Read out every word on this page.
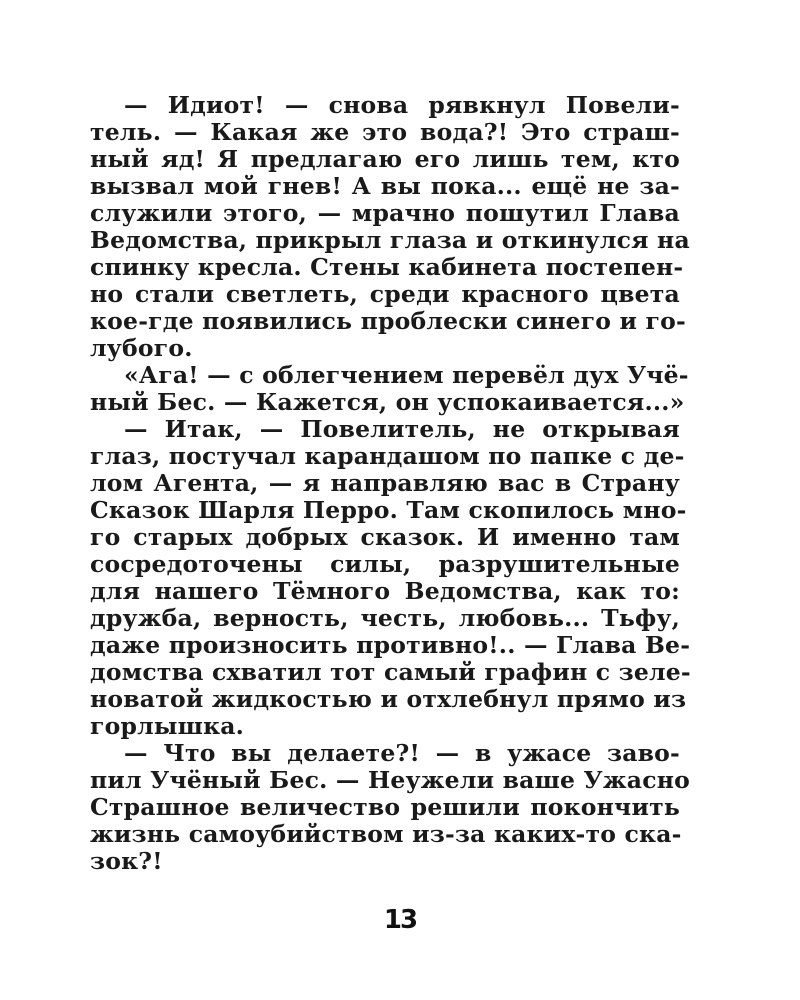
— Идиот! — снова рявкнул Повели-
тель. — Какая же это вода?! Это страш-
ный яд! Я предлагаю его лишь тем, кто
вызвал мой гнев! А вы пока... ещё не за-
служили этого, — мрачно пошутил Глава
Ведомства, прикрыл глаза и откинулся на
спинку кресла. Стены кабинета постепен-
но стали светлеть, среди красного цвета
кое-где появились проблески синего и го-
лубого.
«Ага! — с облегчением перевёл дух Учё-
ный Бес. — Кажется, он успокаивается...»
— Итак, — Повелитель, не открывая
глаз, постучал карандашом по папке с де-
лом Агента, — я направляю вас в Страну
Сказок Шарля Перро. Там скопилось мно-
го старых добрых сказок. И именно там
сосредоточены силы, разрушительные
для нашего Тёмного Ведомства, как то:
дружба, верность, честь, любовь... Тьфу,
даже произносить противно!.. — Глава Ве-
домства схватил тот самый графин с зеле-
новатой жидкостью и отхлебнул прямо из
горлышка.
— Что вы делаете?! — в ужасе заво-
пил Учёный Бес. — Неужели ваше Ужасно
Страшное величество решили покончить
жизнь самоубийством из-за каких-то ска-
зок?!
13
